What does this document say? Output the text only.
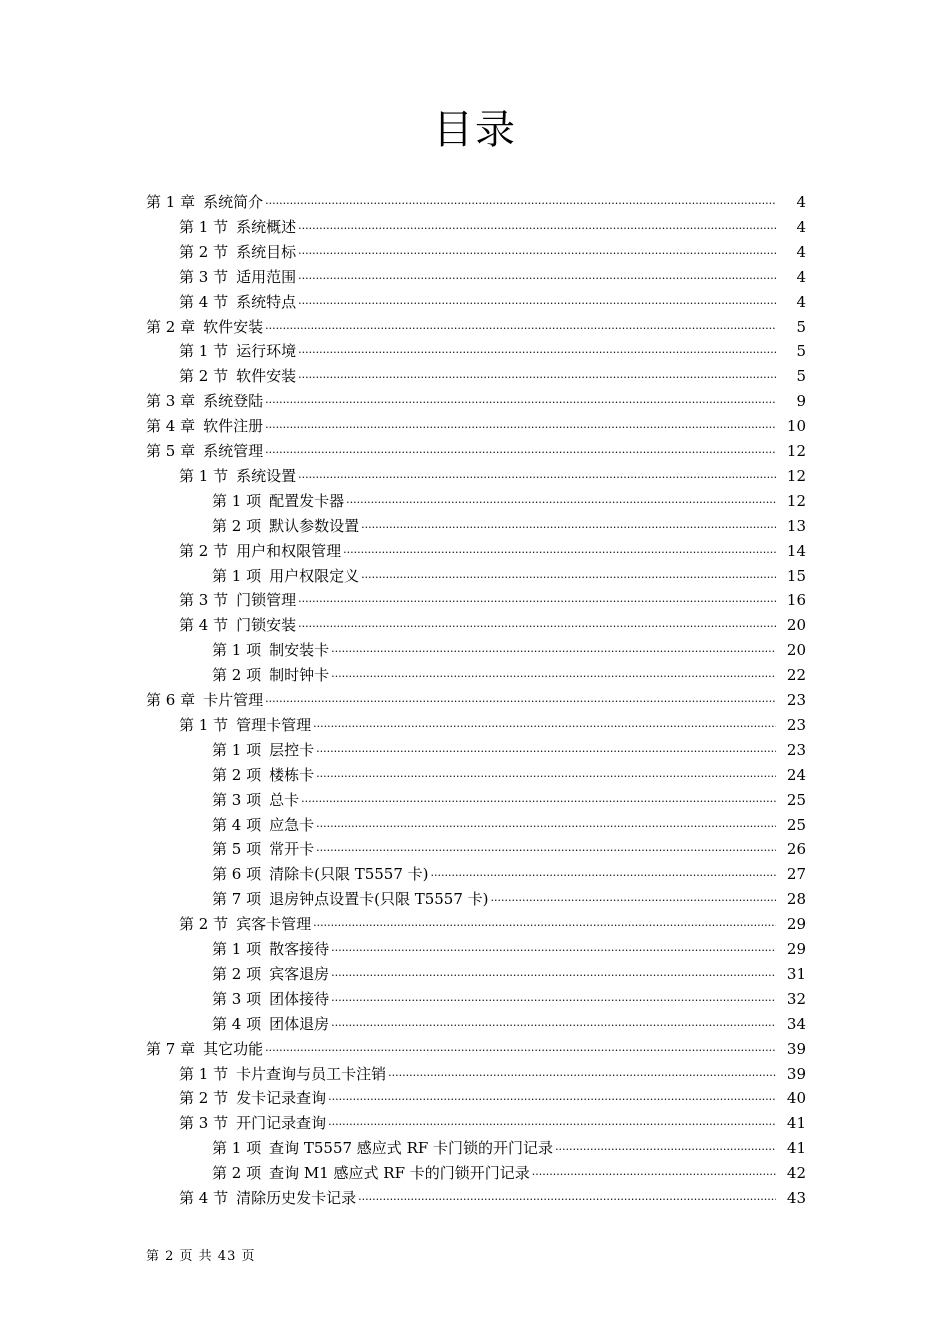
目录
第 1 章 系统简介 .....	4
第 1 节 系统概述 .....	4
第 2 节 系统目标 .....	4
第 3 节 适用范围 .....	4
第 4 节 系统特点 .....	4
第 2 章 软件安装 .....	5
第 1 节 运行环境 .....	5
第 2 节 软件安装 .....	5
第 3 章 系统登陆 .....	9
第 4 章 软件注册 .....	10
第 5 章 系统管理 .....	12
第 1 节 系统设置 .....	12
第 1 项 配置发卡器 .....	12
第 2 项 默认参数设置 .....	13
第 2 节 用户和权限管理 .....	14
第 1 项 用户权限定义 .....	15
第 3 节 门锁管理 .....	16
第 4 节 门锁安装 .....	20
第 1 项 制安装卡 .....	20
第 2 项 制时钟卡 .....	22
第 6 章 卡片管理 .....	23
第 1 节 管理卡管理 .....	23
第 1 项 层控卡 .....	23
第 2 项 楼栋卡 .....	24
第 3 项 总卡 .....	25
第 4 项 应急卡 .....	25
第 5 项 常开卡 .....	26
第 6 项 清除卡(只限 T5557 卡) .....	27
第 7 项 退房钟点设置卡(只限 T5557 卡) .....	28
第 2 节 宾客卡管理 .....	29
第 1 项 散客接待 .....	29
第 2 项 宾客退房 .....	31
第 3 项 团体接待 .....	32
第 4 项 团体退房 .....	34
第 7 章 其它功能 .....	39
第 1 节 卡片查询与员工卡注销 .....	39
第 2 节 发卡记录查询 .....	40
第 3 节 开门记录查询 .....	41
第 1 项 查询 T5557 感应式 RF 卡门锁的开门记录 .....	41
第 2 项 查询 M1 感应式 RF 卡的门锁开门记录 .....	42
第 4 节 清除历史发卡记录 .....	43
第 2 页 共 43 页
